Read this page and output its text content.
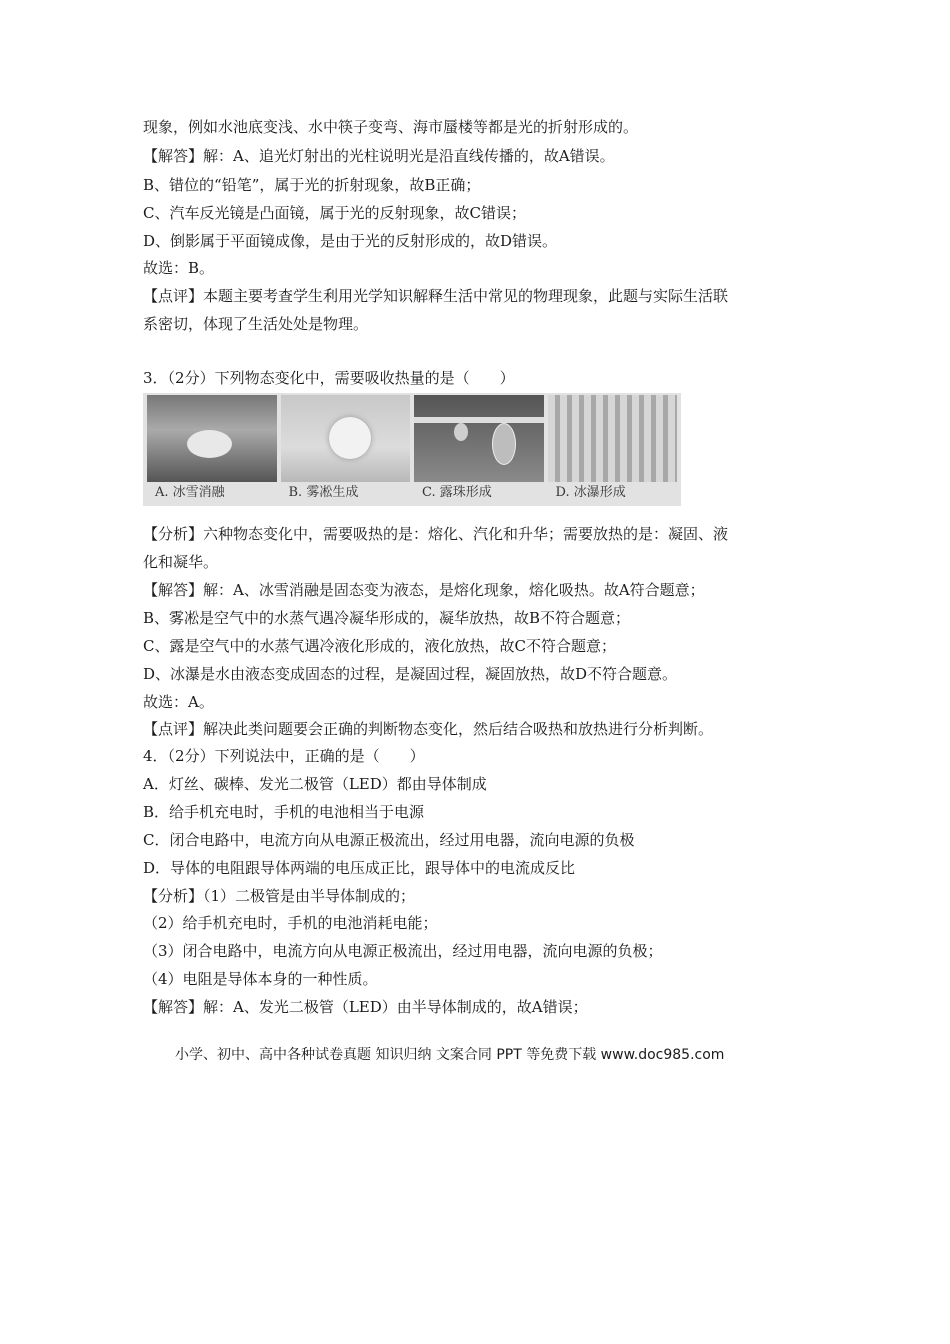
现象，例如水池底变浅、水中筷子变弯、海市蜃楼等都是光的折射形成的。
【解答】解：A、追光灯射出的光柱说明光是沿直线传播的，故A错误。
B、错位的“铅笔”，属于光的折射现象，故B正确；
C、汽车反光镜是凸面镜，属于光的反射现象，故C错误；
D、倒影属于平面镜成像，是由于光的反射形成的，故D错误。
故选：B。
【点评】本题主要考查学生利用光学知识解释生活中常见的物理现象，此题与实际生活联
系密切，体现了生活处处是物理。
3．（2分）下列物态变化中，需要吸收热量的是（　　）
A. 冰雪消融	B. 雾凇生成	C. 露珠形成	D. 冰瀑形成
【分析】六种物态变化中，需要吸热的是：熔化、汽化和升华；需要放热的是：凝固、液
化和凝华。
【解答】解：A、冰雪消融是固态变为液态，是熔化现象，熔化吸热。故A符合题意；
B、雾凇是空气中的水蒸气遇冷凝华形成的，凝华放热，故B不符合题意；
C、露是空气中的水蒸气遇冷液化形成的，液化放热，故C不符合题意；
D、冰瀑是水由液态变成固态的过程，是凝固过程，凝固放热，故D不符合题意。
故选：A。
【点评】解决此类问题要会正确的判断物态变化，然后结合吸热和放热进行分析判断。
4．（2分）下列说法中，正确的是（　　）
A．灯丝、碳棒、发光二极管（LED）都由导体制成
B．给手机充电时，手机的电池相当于电源
C．闭合电路中，电流方向从电源正极流出，经过用电器，流向电源的负极
D．导体的电阻跟导体两端的电压成正比，跟导体中的电流成反比
【分析】（1）二极管是由半导体制成的；
（2）给手机充电时，手机的电池消耗电能；
（3）闭合电路中，电流方向从电源正极流出，经过用电器，流向电源的负极；
（4）电阻是导体本身的一种性质。
【解答】解：A、发光二极管（LED）由半导体制成的，故A错误；
小学、初中、高中各种试卷真题 知识归纳 文案合同 PPT 等免费下载 www.doc985.com
